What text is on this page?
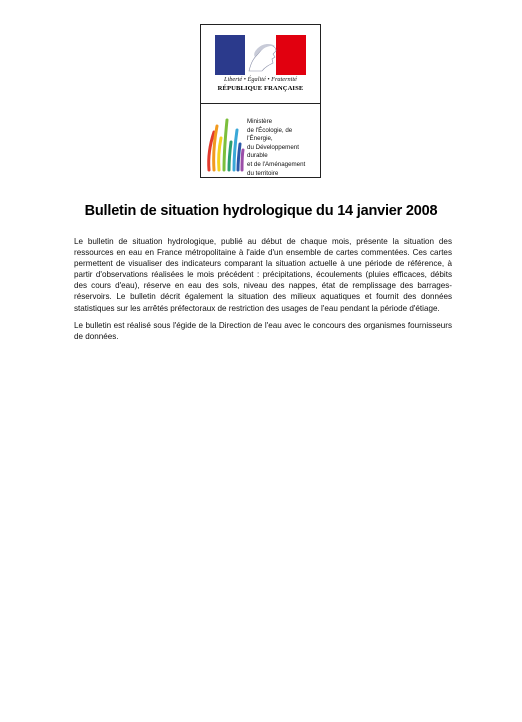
Liberté • Égalité • Fraternité
RÉPUBLIQUE FRANÇAISE
Ministère
de l'Écologie, de l'Énergie,
du Développement durable
et de l'Aménagement
du territoire
Bulletin de situation hydrologique du 14 janvier 2008

Le bulletin de situation hydrologique, publié au début de chaque mois, présente la situation des ressources en eau en France métropolitaine à l'aide d'un ensemble de cartes commentées. Ces cartes permettent de visualiser des indicateurs comparant la situation actuelle à une période de référence, à partir d'observations réalisées le mois précédent : précipitations, écoulements (pluies efficaces, débits des cours d'eau), réserve en eau des sols, niveau des nappes, état de remplissage des barrages-réservoirs. Le bulletin décrit également la situation des milieux aquatiques et fournit des données statistiques sur les arrêtés préfectoraux de restriction des usages de l'eau pendant la période d'étiage.

Le bulletin est réalisé sous l'égide de la Direction de l'eau avec le concours des organismes fournisseurs de données.
